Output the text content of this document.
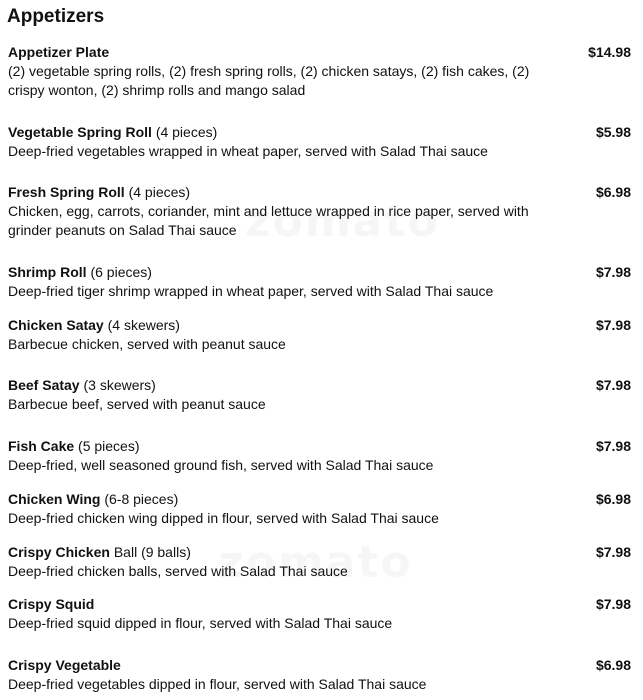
Appetizers
Appetizer Plate	$14.98
(2) vegetable spring rolls, (2) fresh spring rolls, (2) chicken satays, (2) fish cakes, (2) crispy wonton, (2) shrimp rolls and mango salad
Vegetable Spring Roll (4 pieces)	$5.98
Deep-fried vegetables wrapped in wheat paper, served with Salad Thai sauce
Fresh Spring Roll (4 pieces)	$6.98
Chicken, egg, carrots, coriander, mint and lettuce wrapped in rice paper, served with grinder peanuts on Salad Thai sauce
Shrimp Roll (6 pieces)	$7.98
Deep-fried tiger shrimp wrapped in wheat paper, served with Salad Thai sauce
Chicken Satay (4 skewers)	$7.98
Barbecue chicken, served with peanut sauce
Beef Satay (3 skewers)	$7.98
Barbecue beef, served with peanut sauce
Fish Cake (5 pieces)	$7.98
Deep-fried, well seasoned ground fish, served with Salad Thai sauce
Chicken Wing (6-8 pieces)	$6.98
Deep-fried chicken wing dipped in flour, served with Salad Thai sauce
Crispy Chicken Ball (9 balls)	$7.98
Deep-fried chicken balls, served with Salad Thai sauce
Crispy Squid	$7.98
Deep-fried squid dipped in flour, served with Salad Thai sauce
Crispy Vegetable	$6.98
Deep-fried vegetables dipped in flour, served with Salad Thai sauce
